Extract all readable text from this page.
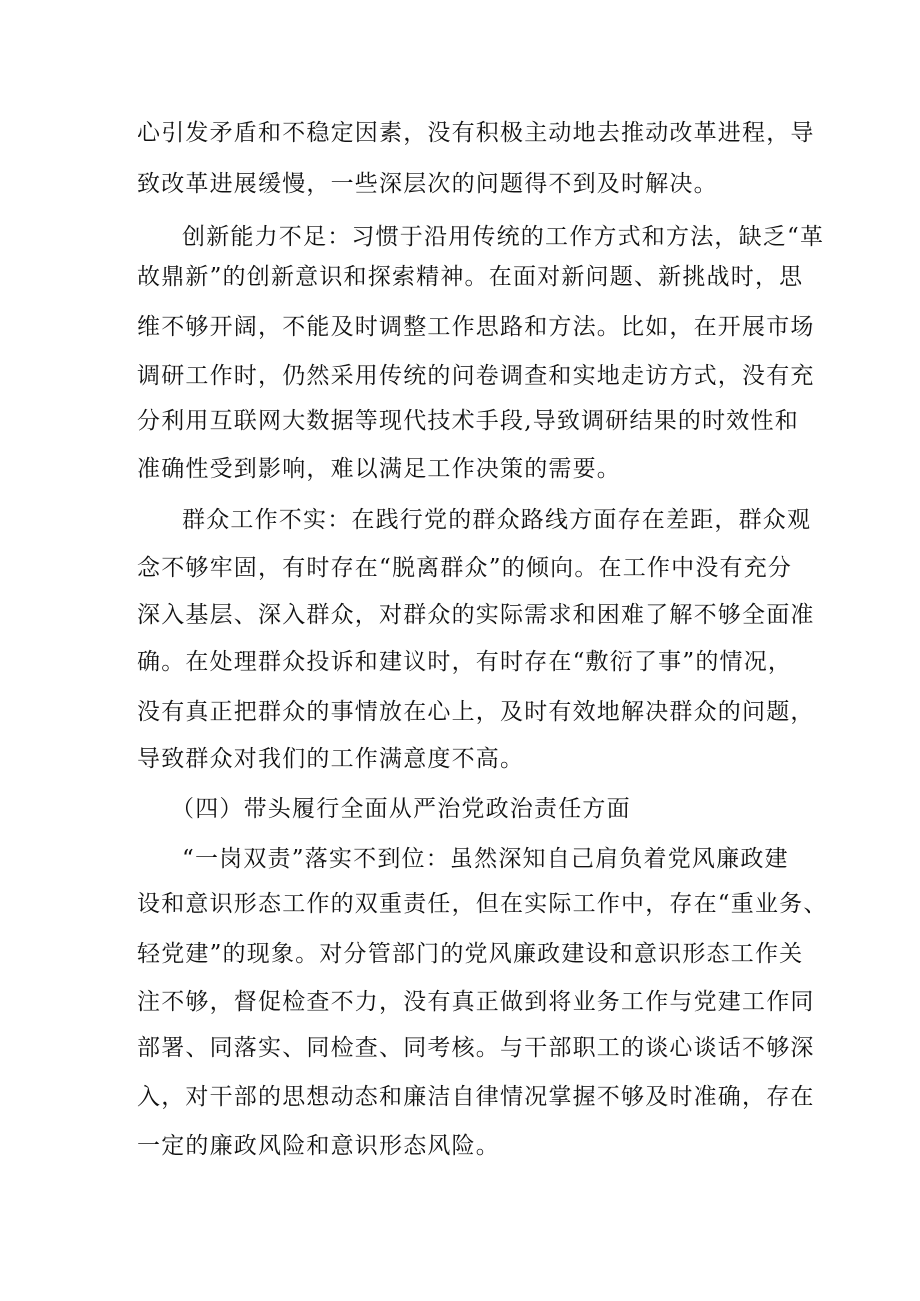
心引发矛盾和不稳定因素，没有积极主动地去推动改革进程，导
致改革进展缓慢，一些深层次的问题得不到及时解决。
创新能力不足：习惯于沿用传统的工作方式和方法，缺乏“革
故鼎新”的创新意识和探索精神。在面对新问题、新挑战时，思
维不够开阔，不能及时调整工作思路和方法。比如，在开展市场
调研工作时，仍然采用传统的问卷调查和实地走访方式，没有充
分利用互联网大数据等现代技术手段,导致调研结果的时效性和
准确性受到影响，难以满足工作决策的需要。
群众工作不实：在践行党的群众路线方面存在差距，群众观
念不够牢固，有时存在“脱离群众”的倾向。在工作中没有充分
深入基层、深入群众，对群众的实际需求和困难了解不够全面准
确。在处理群众投诉和建议时，有时存在“敷衍了事”的情况，
没有真正把群众的事情放在心上，及时有效地解决群众的问题，
导致群众对我们的工作满意度不高。
（四）带头履行全面从严治党政治责任方面
“一岗双责”落实不到位：虽然深知自己肩负着党风廉政建
设和意识形态工作的双重责任，但在实际工作中，存在“重业务、
轻党建”的现象。对分管部门的党风廉政建设和意识形态工作关
注不够，督促检查不力，没有真正做到将业务工作与党建工作同
部署、同落实、同检查、同考核。与干部职工的谈心谈话不够深
入，对干部的思想动态和廉洁自律情况掌握不够及时准确，存在
一定的廉政风险和意识形态风险。
